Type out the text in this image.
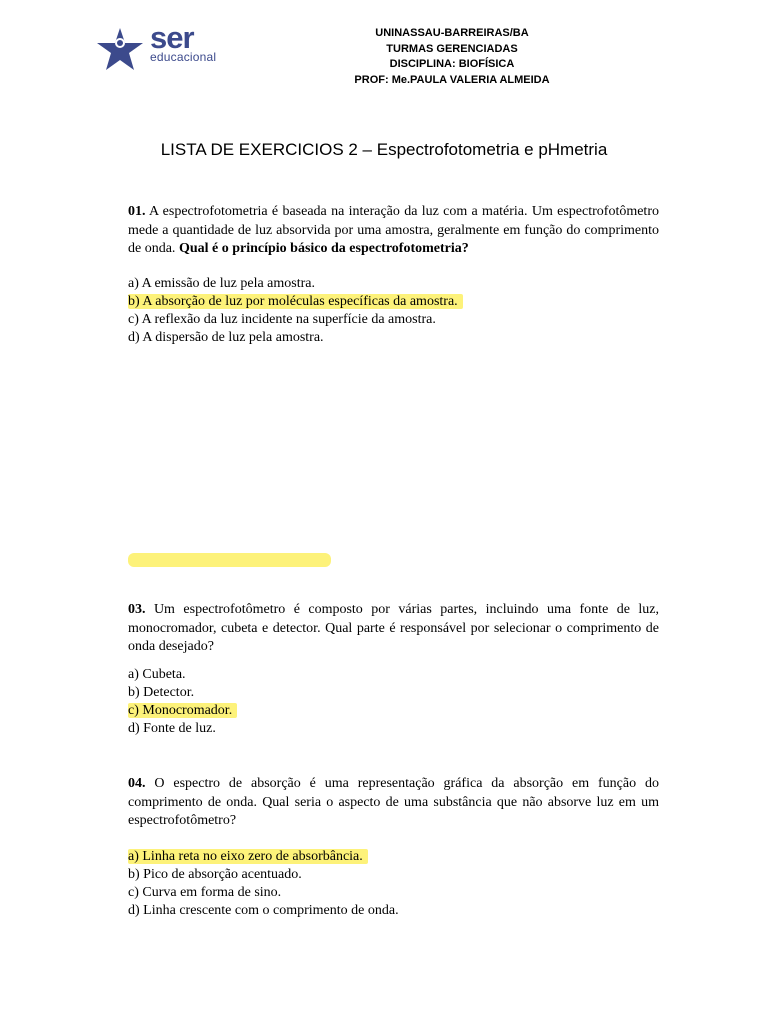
ser
educacional
UNINASSAU-BARREIRAS/BA
TURMAS GERENCIADAS
DISCIPLINA: BIOFÍSICA
PROF: Me.PAULA VALERIA ALMEIDA
LISTA DE EXERCICIOS 2 – Espectrofotometria e pHmetria
01. A espectrofotometria é baseada na interação da luz com a matéria. Um espectrofotômetro mede a quantidade de luz absorvida por uma amostra, geralmente em função do comprimento de onda. Qual é o princípio básico da espectrofotometria?
a) A emissão de luz pela amostra.
b) A absorção de luz por moléculas específicas da amostra.
c) A reflexão da luz incidente na superfície da amostra.
d) A dispersão de luz pela amostra.
03. Um espectrofotômetro é composto por várias partes, incluindo uma fonte de luz, monocromador, cubeta e detector. Qual parte é responsável por selecionar o comprimento de onda desejado?
a) Cubeta.
b) Detector.
c) Monocromador.
d) Fonte de luz.
04. O espectro de absorção é uma representação gráfica da absorção em função do comprimento de onda. Qual seria o aspecto de uma substância que não absorve luz em um espectrofotômetro?
a) Linha reta no eixo zero de absorbância.
b) Pico de absorção acentuado.
c) Curva em forma de sino.
d) Linha crescente com o comprimento de onda.
